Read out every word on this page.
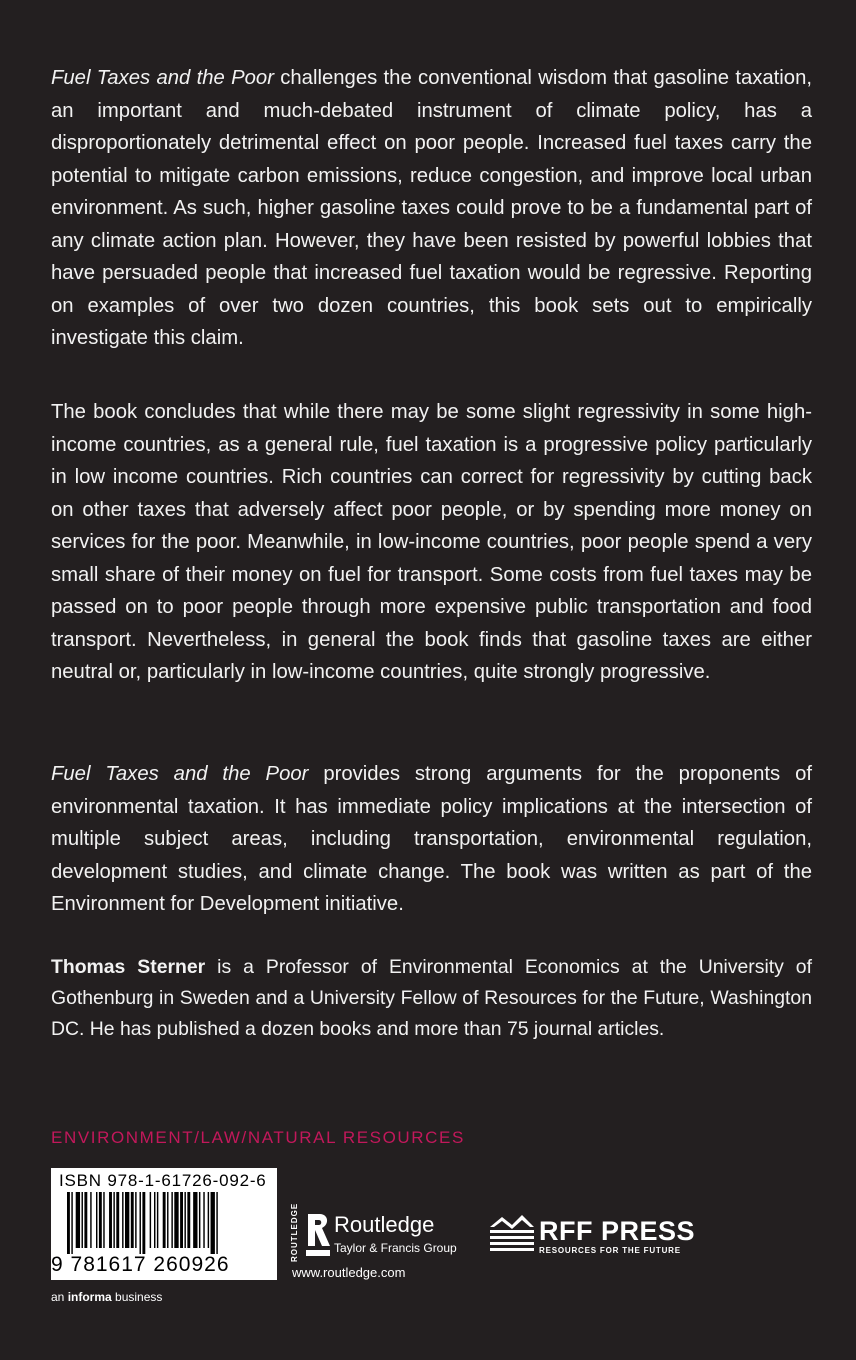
Fuel Taxes and the Poor challenges the conventional wisdom that gasoline taxation, an important and much-debated instrument of climate policy, has a disproportionately detrimental effect on poor people. Increased fuel taxes carry the potential to mitigate carbon emissions, reduce congestion, and improve local urban environment. As such, higher gasoline taxes could prove to be a fundamental part of any climate action plan. However, they have been resisted by powerful lobbies that have persuaded people that increased fuel taxation would be regressive. Reporting on examples of over two dozen countries, this book sets out to empirically investigate this claim.

The book concludes that while there may be some slight regressivity in some high-income countries, as a general rule, fuel taxation is a progressive policy particularly in low income countries. Rich countries can correct for regressivity by cutting back on other taxes that adversely affect poor people, or by spending more money on services for the poor. Meanwhile, in low-income countries, poor people spend a very small share of their money on fuel for transport. Some costs from fuel taxes may be passed on to poor people through more expensive public transportation and food transport. Nevertheless, in general the book finds that gasoline taxes are either neutral or, particularly in low-income countries, quite strongly progressive.

Fuel Taxes and the Poor provides strong arguments for the proponents of environmental taxation. It has immediate policy implications at the intersection of multiple subject areas, including transportation, environmental regulation, development studies, and climate change. The book was written as part of the Environment for Development initiative.

Thomas Sterner is a Professor of Environmental Economics at the University of Gothenburg in Sweden and a University Fellow of Resources for the Future, Washington DC. He has published a dozen books and more than 75 journal articles.

ENVIRONMENT/LAW/NATURAL RESOURCES
ISBN 978-1-61726-092-6
9 781617 260926
an informa business
ROUTLEDGE Routledge
Taylor & Francis Group
www.routledge.com
RFF PRESS
RESOURCES FOR THE FUTURE
